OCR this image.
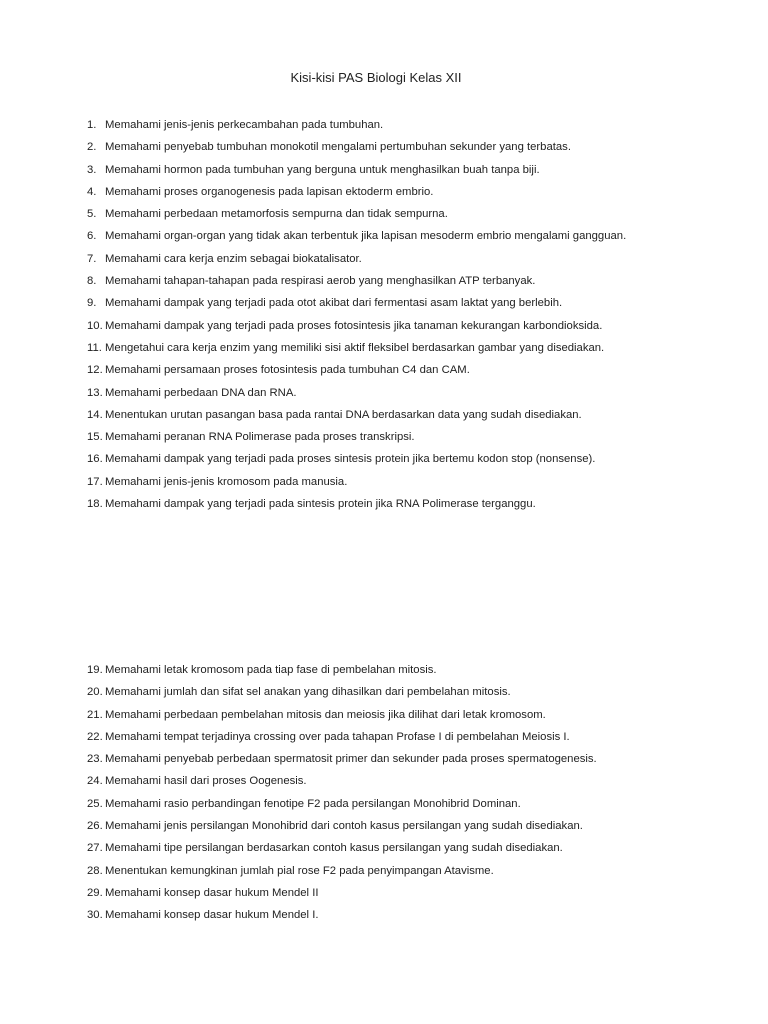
Kisi-kisi PAS Biologi Kelas XII
1. Memahami jenis-jenis perkecambahan pada tumbuhan.
2. Memahami penyebab tumbuhan monokotil mengalami pertumbuhan sekunder yang terbatas.
3. Memahami hormon pada tumbuhan yang berguna untuk menghasilkan buah tanpa biji.
4. Memahami proses organogenesis pada lapisan ektoderm embrio.
5. Memahami perbedaan metamorfosis sempurna dan tidak sempurna.
6. Memahami organ-organ yang tidak akan terbentuk jika lapisan mesoderm embrio mengalami gangguan.
7. Memahami cara kerja enzim sebagai biokatalisator.
8. Memahami tahapan-tahapan pada respirasi aerob yang menghasilkan ATP terbanyak.
9. Memahami dampak yang terjadi pada otot akibat dari fermentasi asam laktat yang berlebih.
10. Memahami dampak yang terjadi pada proses fotosintesis jika tanaman kekurangan karbondioksida.
11. Mengetahui cara kerja enzim yang memiliki sisi aktif fleksibel berdasarkan gambar yang disediakan.
12. Memahami persamaan proses fotosintesis pada tumbuhan C4 dan CAM.
13. Memahami perbedaan DNA dan RNA.
14. Menentukan urutan pasangan basa pada rantai DNA berdasarkan data yang sudah disediakan.
15. Memahami peranan RNA Polimerase pada proses transkripsi.
16. Memahami dampak yang terjadi pada proses sintesis protein jika bertemu kodon stop (nonsense).
17. Memahami jenis-jenis kromosom pada manusia.
18. Memahami dampak yang terjadi pada sintesis protein jika RNA Polimerase terganggu.
19. Memahami letak kromosom pada tiap fase di pembelahan mitosis.
20. Memahami jumlah dan sifat sel anakan yang dihasilkan dari pembelahan mitosis.
21. Memahami perbedaan pembelahan mitosis dan meiosis jika dilihat dari letak kromosom.
22. Memahami tempat terjadinya crossing over pada tahapan Profase I di pembelahan Meiosis I.
23. Memahami penyebab perbedaan spermatosit primer dan sekunder pada proses spermatogenesis.
24. Memahami hasil dari proses Oogenesis.
25. Memahami rasio perbandingan fenotipe F2 pada persilangan Monohibrid Dominan.
26. Memahami jenis persilangan Monohibrid dari contoh kasus persilangan yang sudah disediakan.
27. Memahami tipe persilangan berdasarkan contoh kasus persilangan yang sudah disediakan.
28. Menentukan kemungkinan jumlah pial rose F2 pada penyimpangan Atavisme.
29. Memahami konsep dasar hukum Mendel II
30. Memahami konsep dasar hukum Mendel I.
